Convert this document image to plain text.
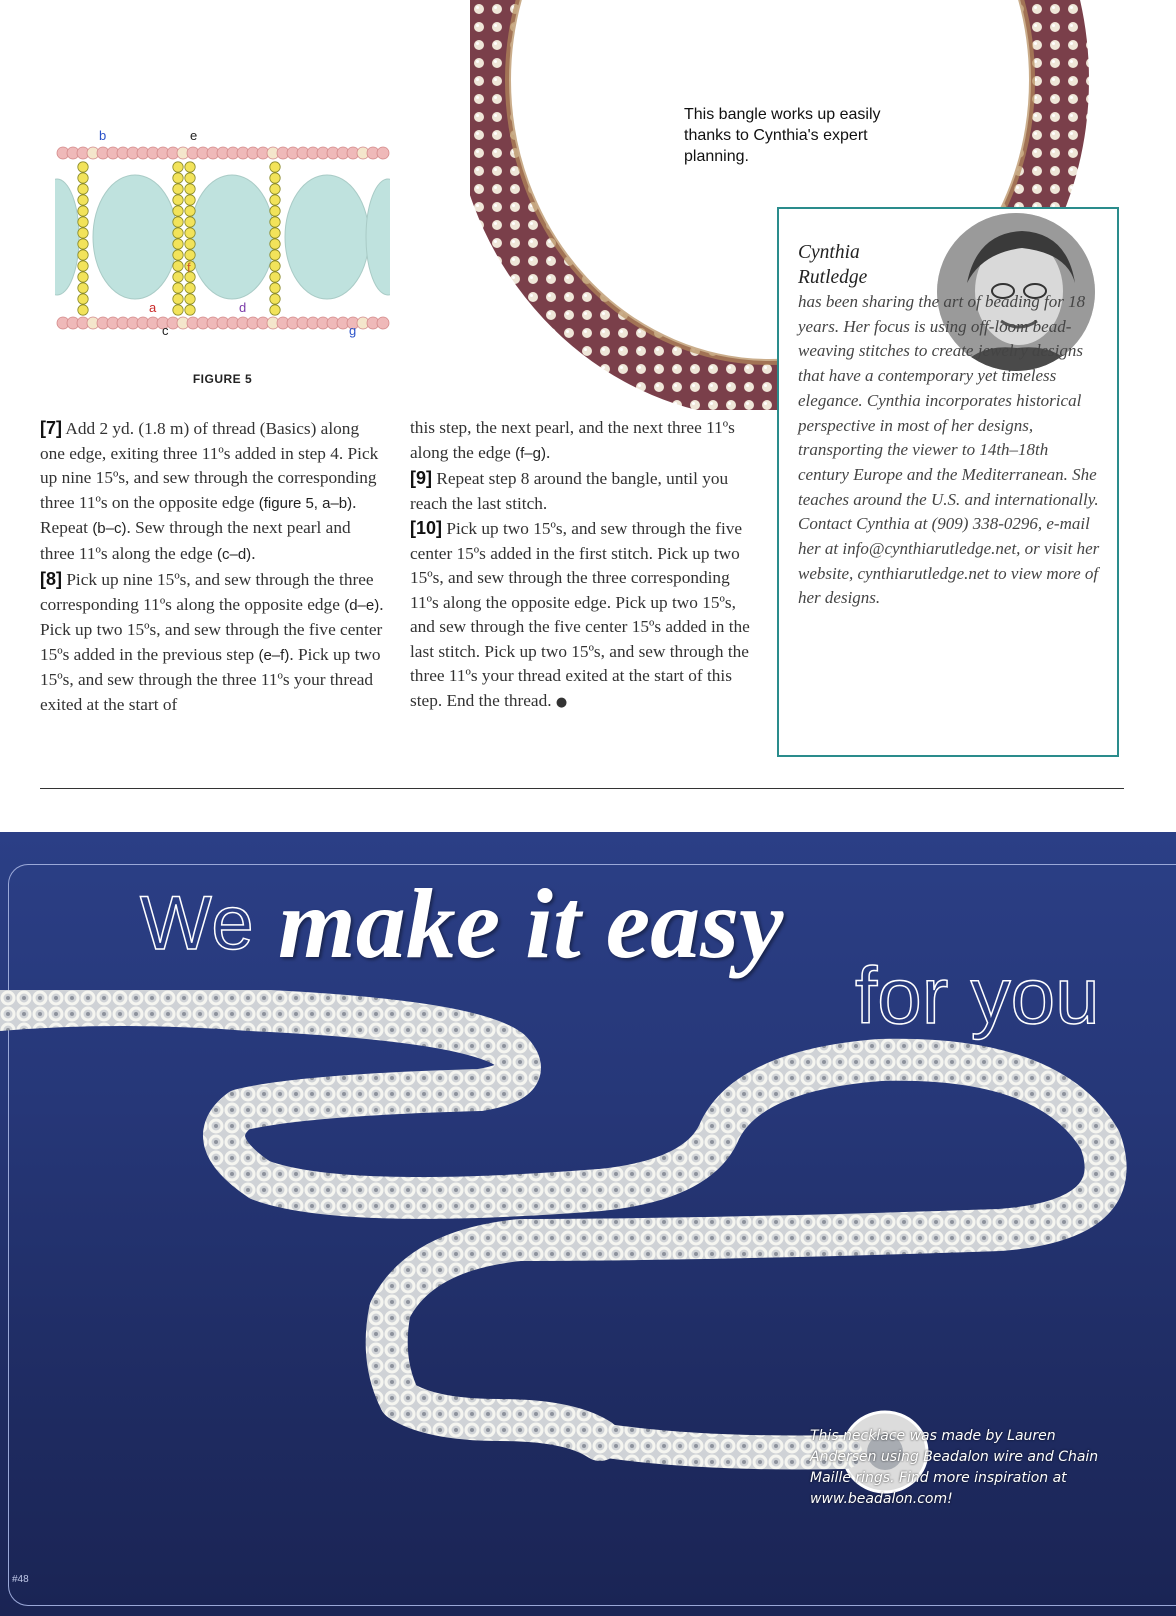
b	e
a
c
d
f
g
FIGURE 5
This bangle works up easily thanks to Cynthia's expert planning.

[7] Add 2 yd. (1.8 m) of thread (Basics) along one edge, exiting three 11ºs added in step 4. Pick up nine 15ºs, and sew through the corresponding three 11ºs on the opposite edge (figure 5, a–b). Repeat (b–c). Sew through the next pearl and three 11ºs along the edge (c–d).

[8] Pick up nine 15ºs, and sew through the three corresponding 11ºs along the opposite edge (d–e). Pick up two 15ºs, and sew through the five center 15ºs added in the previous step (e–f). Pick up two 15ºs, and sew through the three 11ºs your thread exited at the start of

this step, the next pearl, and the next three 11ºs along the edge (f–g).

[9] Repeat step 8 around the bangle, until you reach the last stitch.

[10] Pick up two 15ºs, and sew through the five center 15ºs added in the first stitch. Pick up two 15ºs, and sew through the three corresponding 11ºs along the opposite edge. Pick up two 15ºs, and sew through the five center 15ºs added in the last stitch. Pick up two 15ºs, and sew through the three 11ºs your thread exited at the start of this step. End the thread. ●

Cynthia
Rutledge
has been sharing the art of beading for 18 years. Her focus is using off-loom bead-weaving stitches to create jewelry designs that have a contemporary yet timeless elegance. Cynthia incorporates historical perspective in most of her designs, transporting the viewer to 14th–18th century Europe and the Mediterranean. She teaches around the U.S. and internationally. Contact Cynthia at (909) 338-0296, e-mail her at info@cynthiarutledge.net, or visit her website, cynthiarutledge.net to view more of her designs.
We make it easy
for you
This necklace was made by Lauren Andersen using Beadalon wire and Chain Maille rings. Find more inspiration at www.beadalon.com!
#48
